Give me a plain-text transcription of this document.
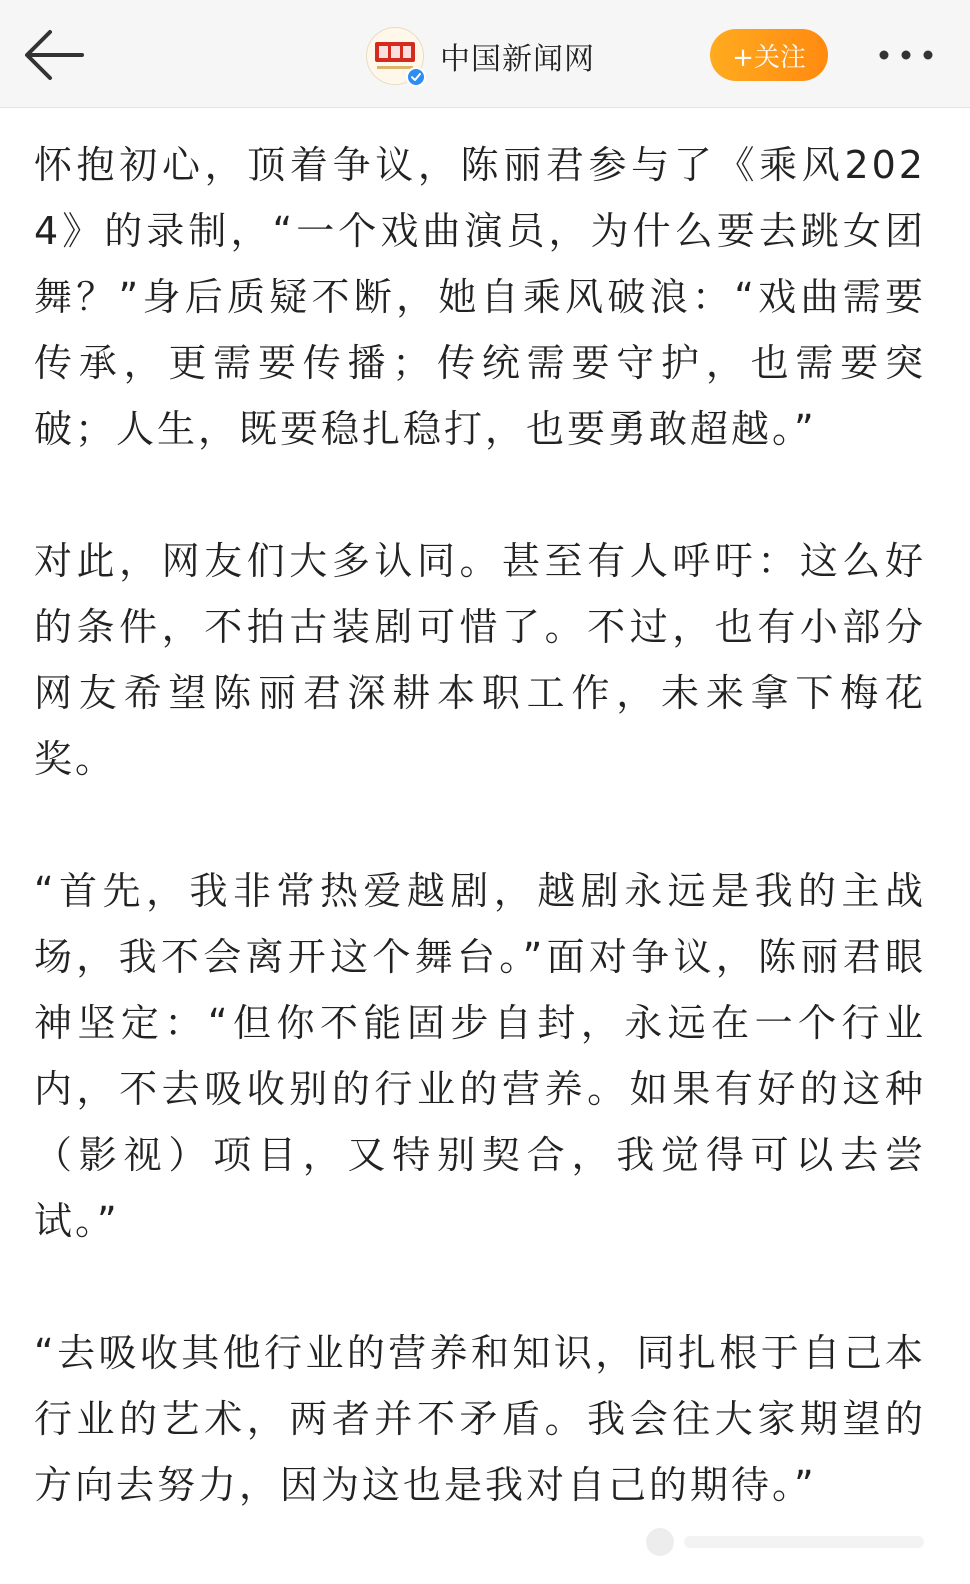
中国新闻网	+关注

怀抱初心，顶着争议，陈丽君参与了《乘风2024》的录制，“一个戏曲演员，为什么要去跳女团舞？”身后质疑不断，她自乘风破浪：“戏曲需要传承，更需要传播；传统需要守护，也需要突破；人生，既要稳扎稳打，也要勇敢超越。”

对此，网友们大多认同。甚至有人呼吁：这么好的条件，不拍古装剧可惜了。不过，也有小部分网友希望陈丽君深耕本职工作，未来拿下梅花奖。

“首先，我非常热爱越剧，越剧永远是我的主战场，我不会离开这个舞台。”面对争议，陈丽君眼神坚定：“但你不能固步自封，永远在一个行业内，不去吸收别的行业的营养。如果有好的这种（影视）项目，又特别契合，我觉得可以去尝试。”

“去吸收其他行业的营养和知识，同扎根于自己本行业的艺术，两者并不矛盾。我会往大家期望的方向去努力，因为这也是我对自己的期待。”
